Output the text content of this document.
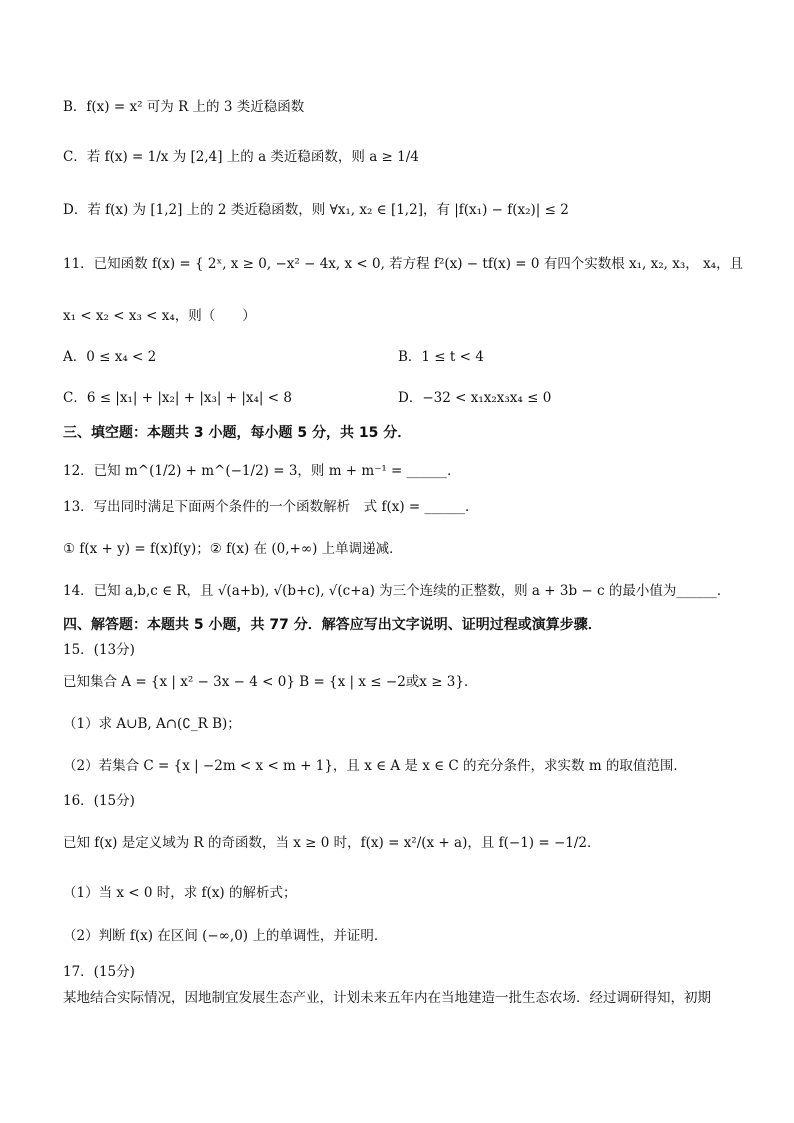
B．f(x) = x² 可为 R 上的 3 类近稳函数
C．若 f(x) = 1/x 为 [2,4] 上的 a 类近稳函数，则 a ≥ 1/4
D．若 f(x) 为 [1,2] 上的 2 类近稳函数，则 ∀x₁, x₂ ∈ [1,2]，有 |f(x₁) − f(x₂)| ≤ 2
11．已知函数 f(x) = { 2ˣ, x ≥ 0, −x² − 4x, x < 0, 若方程 f²(x) − tf(x) = 0 有四个实数根 x₁, x₂, x₃， x₄，且
x₁ < x₂ < x₃ < x₄，则（　　）
A．0 ≤ x₄ < 2	B．1 ≤ t < 4
C．6 ≤ |x₁| + |x₂| + |x₃| + |x₄| < 8	D．−32 < x₁x₂x₃x₄ ≤ 0
三、填空题：本题共 3 小题，每小题 5 分，共 15 分．
12．已知 m^(1/2) + m^(−1/2) = 3，则 m + m⁻¹ = ______．
13．写出同时满足下面两个条件的一个函数解析　式 f(x) = ______．
① f(x + y) = f(x)f(y)；② f(x) 在 (0,+∞) 上单调递减．
14．已知 a,b,c ∈ R，且 √(a+b), √(b+c), √(c+a) 为三个连续的正整数，则 a + 3b − c 的最小值为______．
四、解答题：本题共 5 小题，共 77 分．解答应写出文字说明、证明过程或演算步骤．
15．(13分)
已知集合 A = {x | x² − 3x − 4 < 0} B = {x | x ≤ −2或x ≥ 3}．
（1）求 A∪B, A∩(∁_R B)；
（2）若集合 C = {x | −2m < x < m + 1}，且 x ∈ A 是 x ∈ C 的充分条件，求实数 m 的取值范围．
16．(15分)
已知 f(x) 是定义域为 R 的奇函数，当 x ≥ 0 时，f(x) = x²/(x + a)，且 f(−1) = −1/2．
（1）当 x < 0 时，求 f(x) 的解析式；
（2）判断 f(x) 在区间 (−∞,0) 上的单调性，并证明．
17．(15分)
某地结合实际情况，因地制宜发展生态产业，计划未来五年内在当地建造一批生态农场．经过调研得知，初期
